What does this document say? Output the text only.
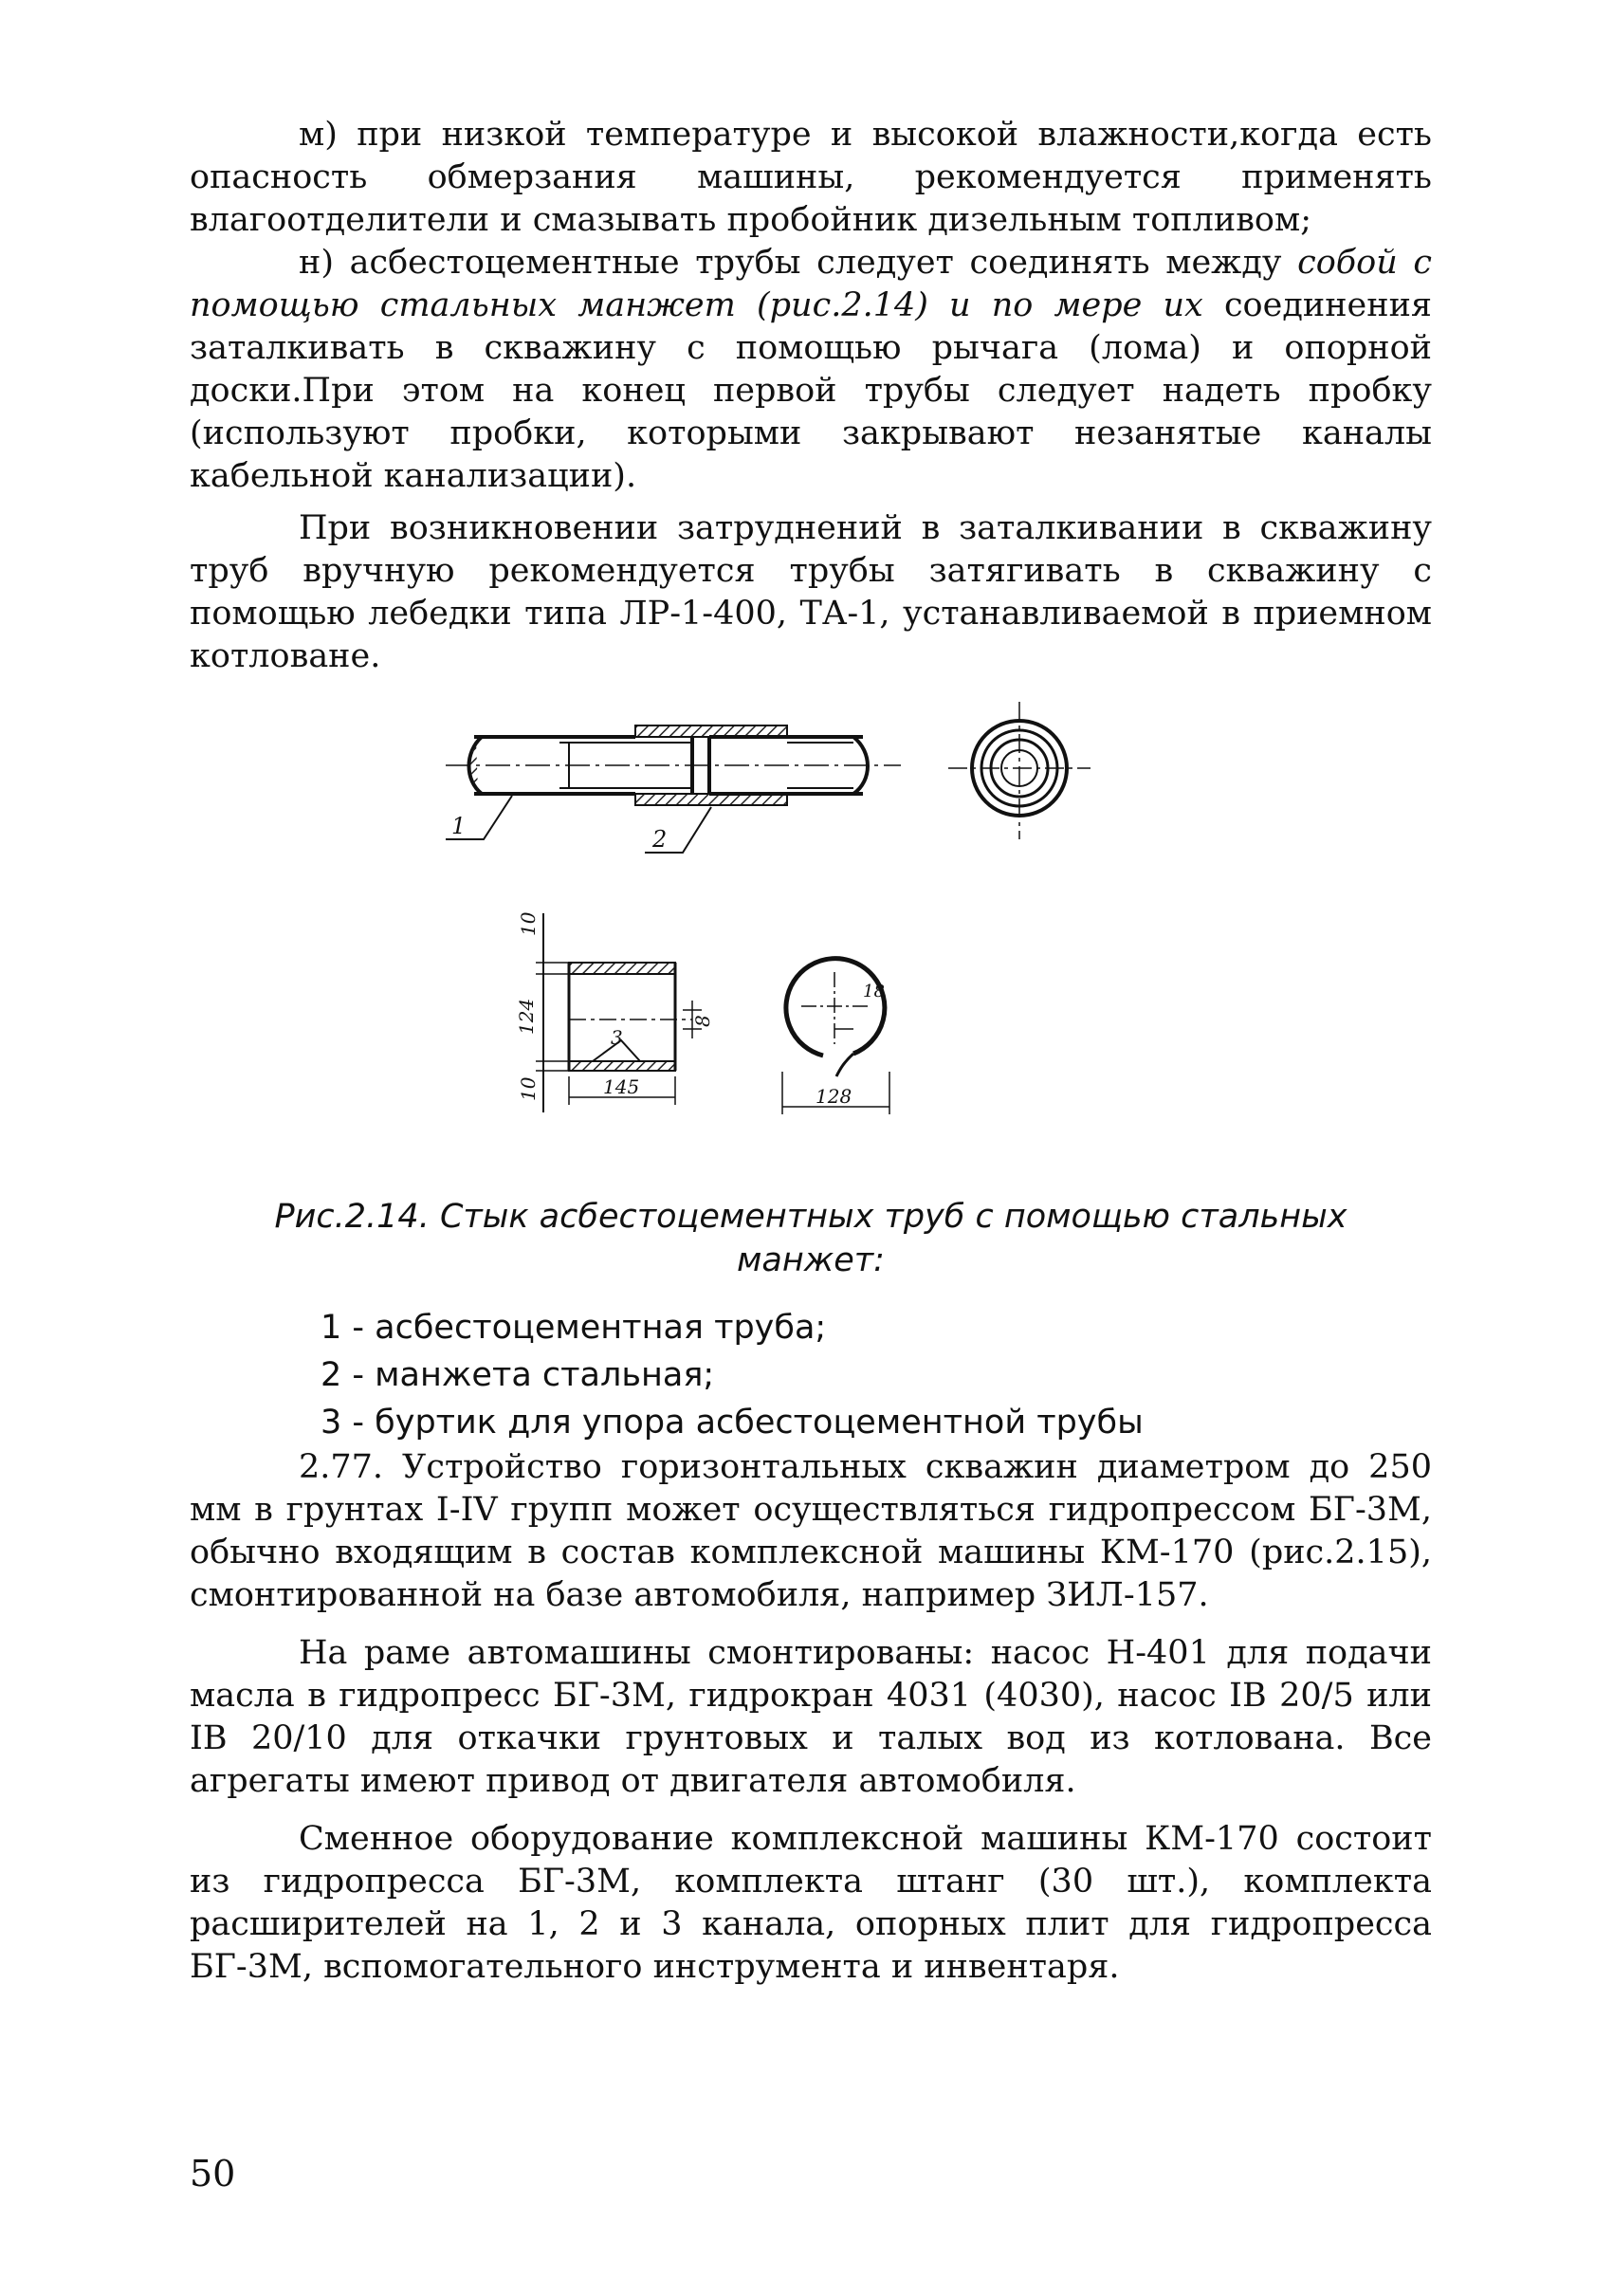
м) при низкой температуре и высокой влажности,когда есть опасность обмерзания машины, рекомендуется применять влагоотделители и смазывать пробойник дизельным топливом;

н) асбестоцементные трубы следует соединять между собой с помощью стальных манжет (рис.2.14) и по мере их соединения заталкивать в скважину с помощью рычага (лома) и опорной доски.При этом на конец первой трубы следует надеть пробку (используют пробки, которыми закрывают незанятые каналы кабельной канализации).

При возникновении затруднений в заталкивании в скважину труб вручную рекомендуется трубы затягивать в скважину с помощью лебедки типа ЛР-1-400, ТА-1, устанавливаемой в приемном котловане.

1	2
10
124
10
8
145
3
18
128
Рис.2.14. Стык асбестоцементных труб с помощью стальных
манжет:
1 - асбестоцементная труба;
2 - манжета стальная;
3 - буртик для упора асбестоцементной трубы

2.77. Устройство горизонтальных скважин диаметром до 250 мм в грунтах I-IV групп может осуществляться гидропрессом БГ-3М, обычно входящим в состав комплексной машины КМ-170 (рис.2.15), смонтированной на базе автомобиля, например ЗИЛ-157.

На раме автомашины смонтированы: насос Н-401 для подачи масла в гидропресс БГ-3М, гидрокран 4031 (4030), насос IВ 20/5 или IВ 20/10 для откачки грунтовых и талых вод из котлована. Все агрегаты имеют привод от двигателя автомобиля.

Сменное оборудование комплексной машины КМ-170 состоит из гидропресса БГ-3М, комплекта штанг (30 шт.), комплекта расширителей на 1, 2 и 3 канала, опорных плит для гидропресса БГ-3М, вспомогательного инструмента и инвентаря.

50
